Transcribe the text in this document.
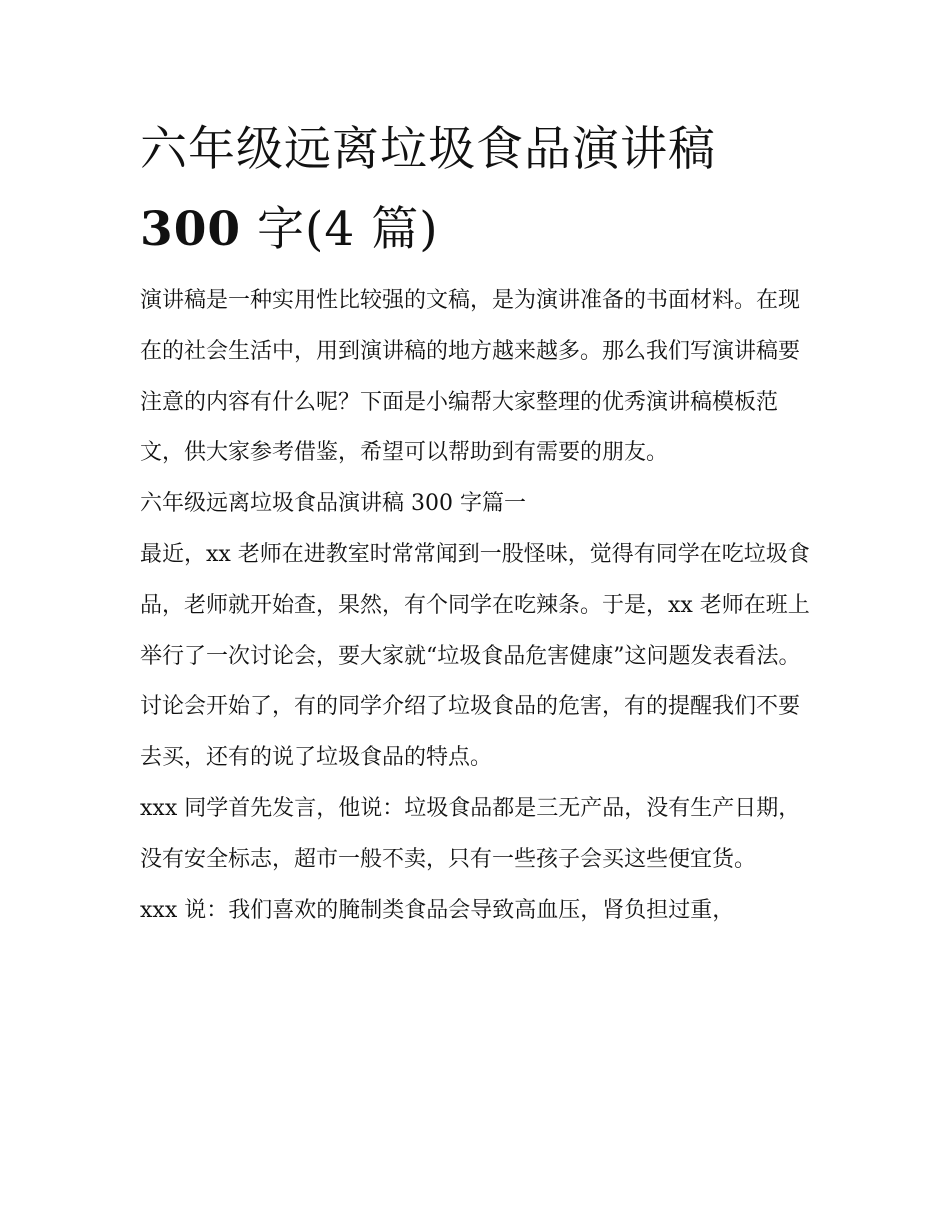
六年级远离垃圾食品演讲稿
300 字(4 篇)

演讲稿是一种实用性比较强的文稿，是为演讲准备的书面材料。在现在的社会生活中，用到演讲稿的地方越来越多。那么我们写演讲稿要注意的内容有什么呢？下面是小编帮大家整理的优秀演讲稿模板范文，供大家参考借鉴，希望可以帮助到有需要的朋友。

六年级远离垃圾食品演讲稿 300 字篇一

最近，xx 老师在进教室时常常闻到一股怪味，觉得有同学在吃垃圾食品，老师就开始查，果然，有个同学在吃辣条。于是，xx 老师在班上举行了一次讨论会，要大家就“垃圾食品危害健康”这问题发表看法。

讨论会开始了，有的同学介绍了垃圾食品的危害，有的提醒我们不要去买，还有的说了垃圾食品的特点。

xxx 同学首先发言，他说：垃圾食品都是三无产品，没有生产日期，没有安全标志，超市一般不卖，只有一些孩子会买这些便宜货。

xxx 说：我们喜欢的腌制类食品会导致高血压，肾负担过重，
